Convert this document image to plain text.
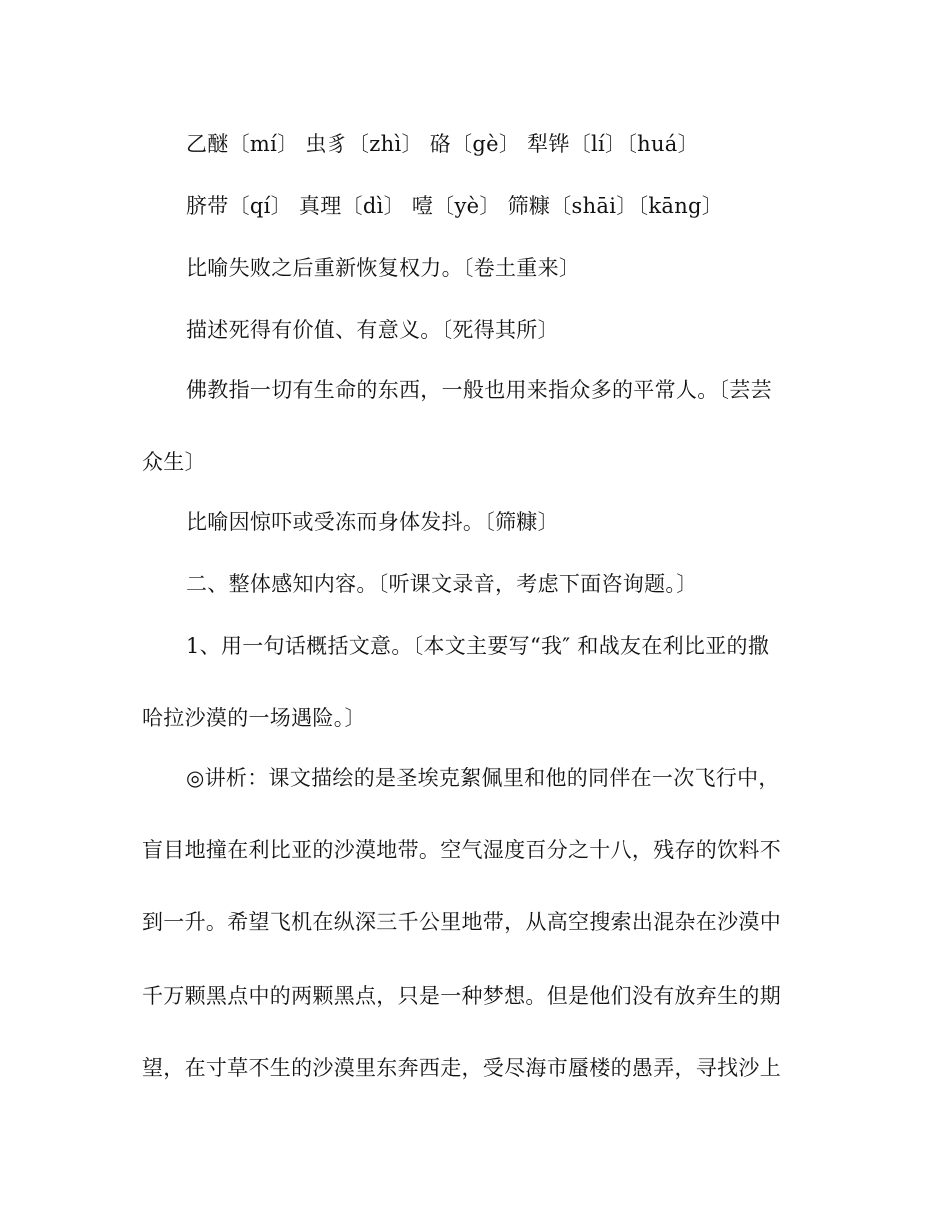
乙醚〔mí〕 虫豸〔zhì〕 硌〔gè〕 犁铧〔lí〕〔huá〕
脐带〔qí〕 真理〔dì〕 噎〔yè〕 筛糠〔shāi〕〔kāng〕
比喻失败之后重新恢复权力。〔卷土重来〕
描述死得有价值、有意义。〔死得其所〕
佛教指一切有生命的东西，一般也用来指众多的平常人。〔芸芸
众生〕
比喻因惊吓或受冻而身体发抖。〔筛糠〕
二、整体感知内容。〔听课文录音，考虑下面咨询题。〕
1、用一句话概括文意。〔本文主要写“我″ 和战友在利比亚的撒
哈拉沙漠的一场遇险。〕
◎讲析：课文描绘的是圣埃克絮佩里和他的同伴在一次飞行中，
盲目地撞在利比亚的沙漠地带。空气湿度百分之十八，残存的饮料不
到一升。希望飞机在纵深三千公里地带，从高空搜索出混杂在沙漠中
千万颗黑点中的两颗黑点，只是一种梦想。但是他们没有放弃生的期
望，在寸草不生的沙漠里东奔西走，受尽海市蜃楼的愚弄，寻找沙上
